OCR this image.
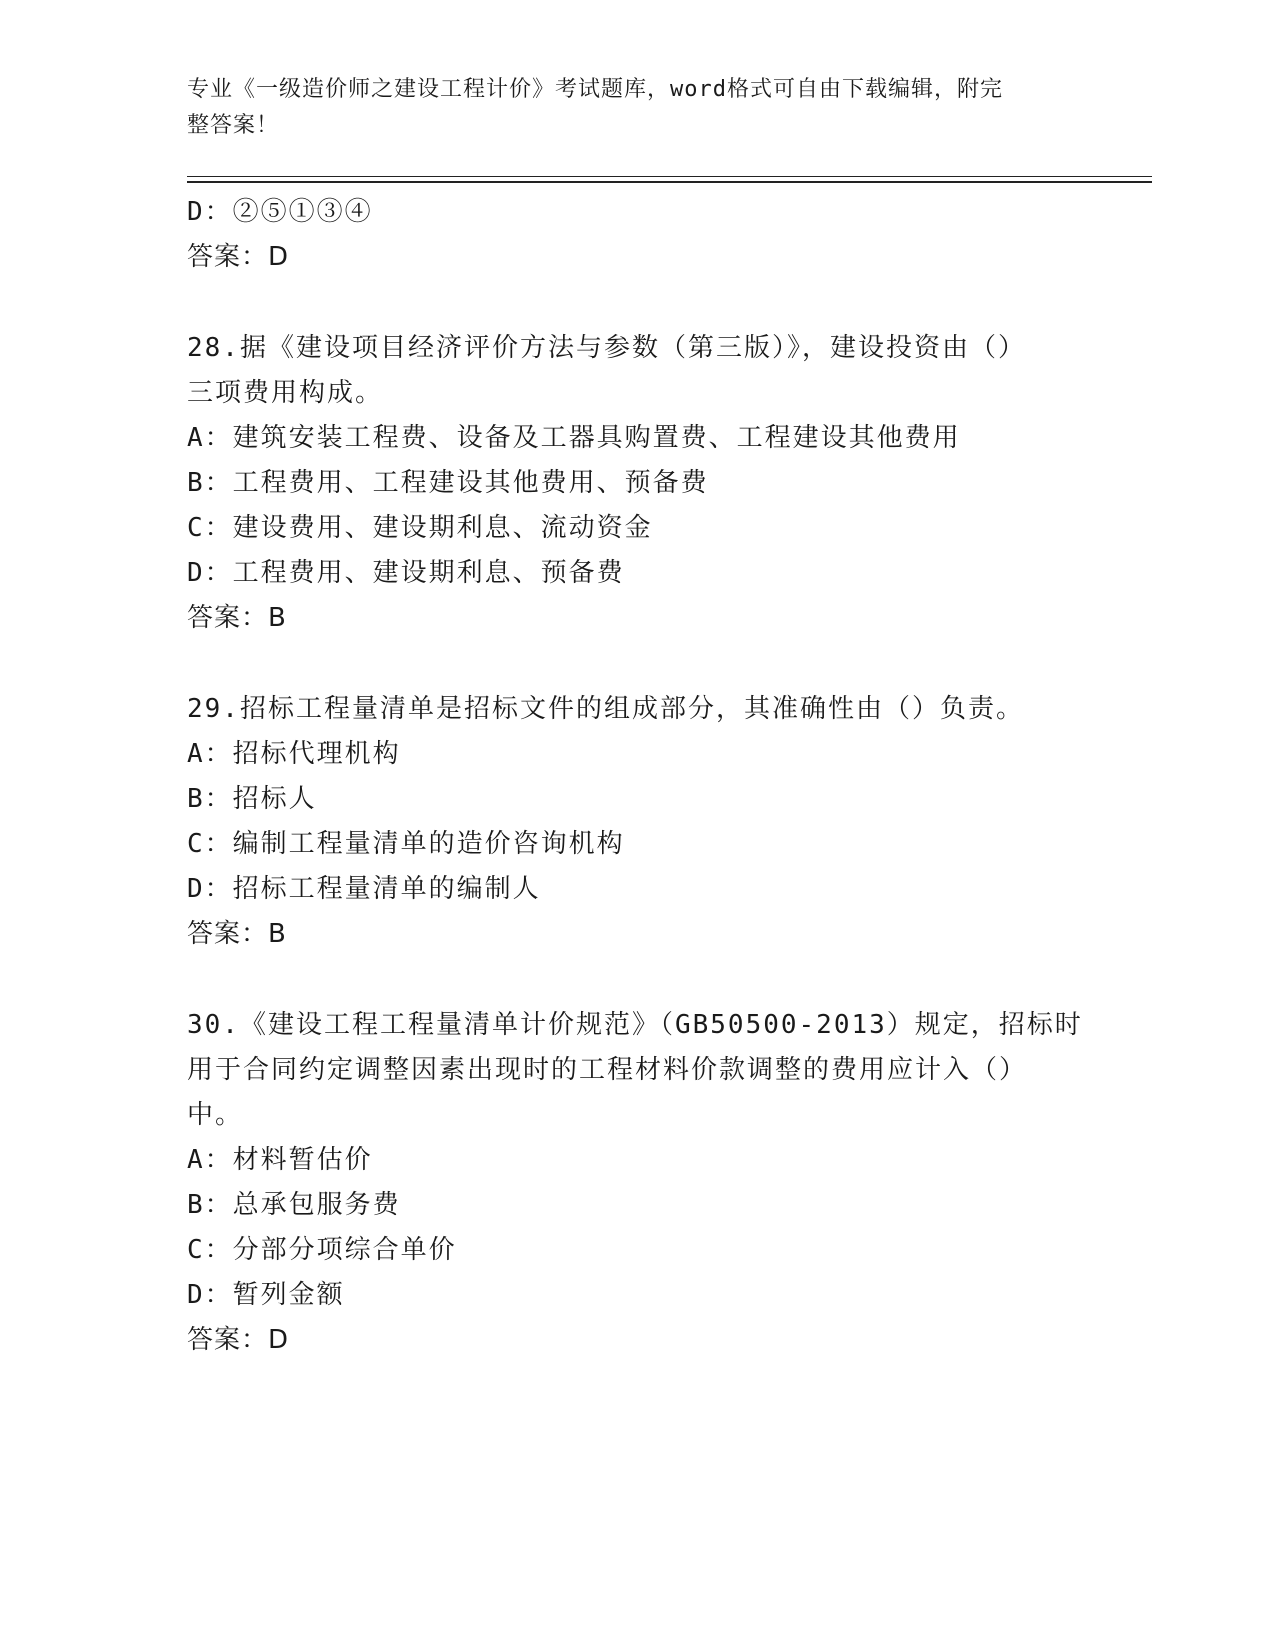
专业《一级造价师之建设工程计价》考试题库，word格式可自由下载编辑，附完
整答案！
D：②⑤①③④
答案：D
28.据《建设项目经济评价方法与参数（第三版）》，建设投资由（）
三项费用构成。
A：建筑安装工程费、设备及工器具购置费、工程建设其他费用
B：工程费用、工程建设其他费用、预备费
C：建设费用、建设期利息、流动资金
D：工程费用、建设期利息、预备费
答案：B
29.招标工程量清单是招标文件的组成部分，其准确性由（）负责。
A：招标代理机构
B：招标人
C：编制工程量清单的造价咨询机构
D：招标工程量清单的编制人
答案：B
30.《建设工程工程量清单计价规范》（GB50500-2013）规定，招标时
用于合同约定调整因素出现时的工程材料价款调整的费用应计入（）
中。
A：材料暂估价
B：总承包服务费
C：分部分项综合单价
D：暂列金额
答案：D
